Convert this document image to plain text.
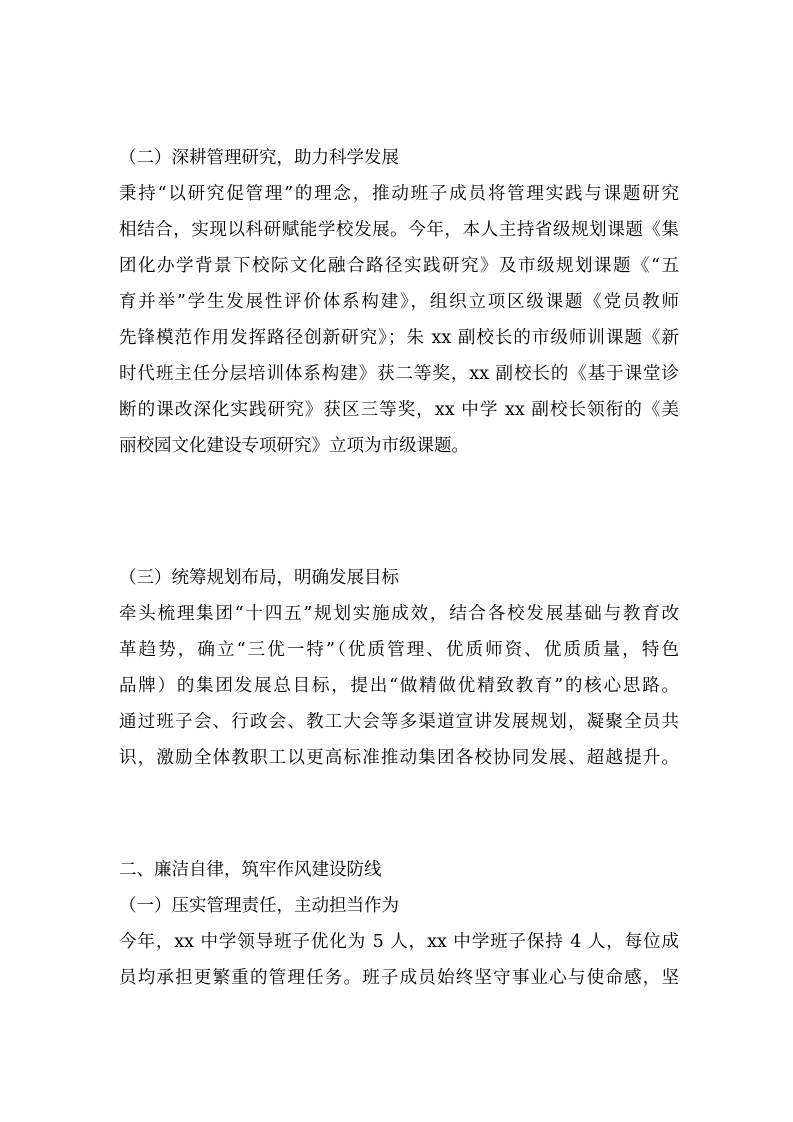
（二）深耕管理研究，助力科学发展
秉持“以研究促管理”的理念，推动班子成员将管理实践与课题研究
相结合，实现以科研赋能学校发展。今年，本人主持省级规划课题《集
团化办学背景下校际文化融合路径实践研究》及市级规划课题《“五
育并举”学生发展性评价体系构建》，组织立项区级课题《党员教师
先锋模范作用发挥路径创新研究》；朱 xx 副校长的市级师训课题《新
时代班主任分层培训体系构建》获二等奖，xx 副校长的《基于课堂诊
断的课改深化实践研究》获区三等奖，xx 中学 xx 副校长领衔的《美
丽校园文化建设专项研究》立项为市级课题。
（三）统筹规划布局，明确发展目标
牵头梳理集团“十四五”规划实施成效，结合各校发展基础与教育改
革趋势，确立“三优一特”（优质管理、优质师资、优质质量，特色
品牌）的集团发展总目标，提出“做精做优精致教育”的核心思路。
通过班子会、行政会、教工大会等多渠道宣讲发展规划，凝聚全员共
识，激励全体教职工以更高标准推动集团各校协同发展、超越提升。
二、廉洁自律，筑牢作风建设防线
（一）压实管理责任，主动担当作为
今年，xx 中学领导班子优化为 5 人，xx 中学班子保持 4 人，每位成
员均承担更繁重的管理任务。班子成员始终坚守事业心与使命感，坚
